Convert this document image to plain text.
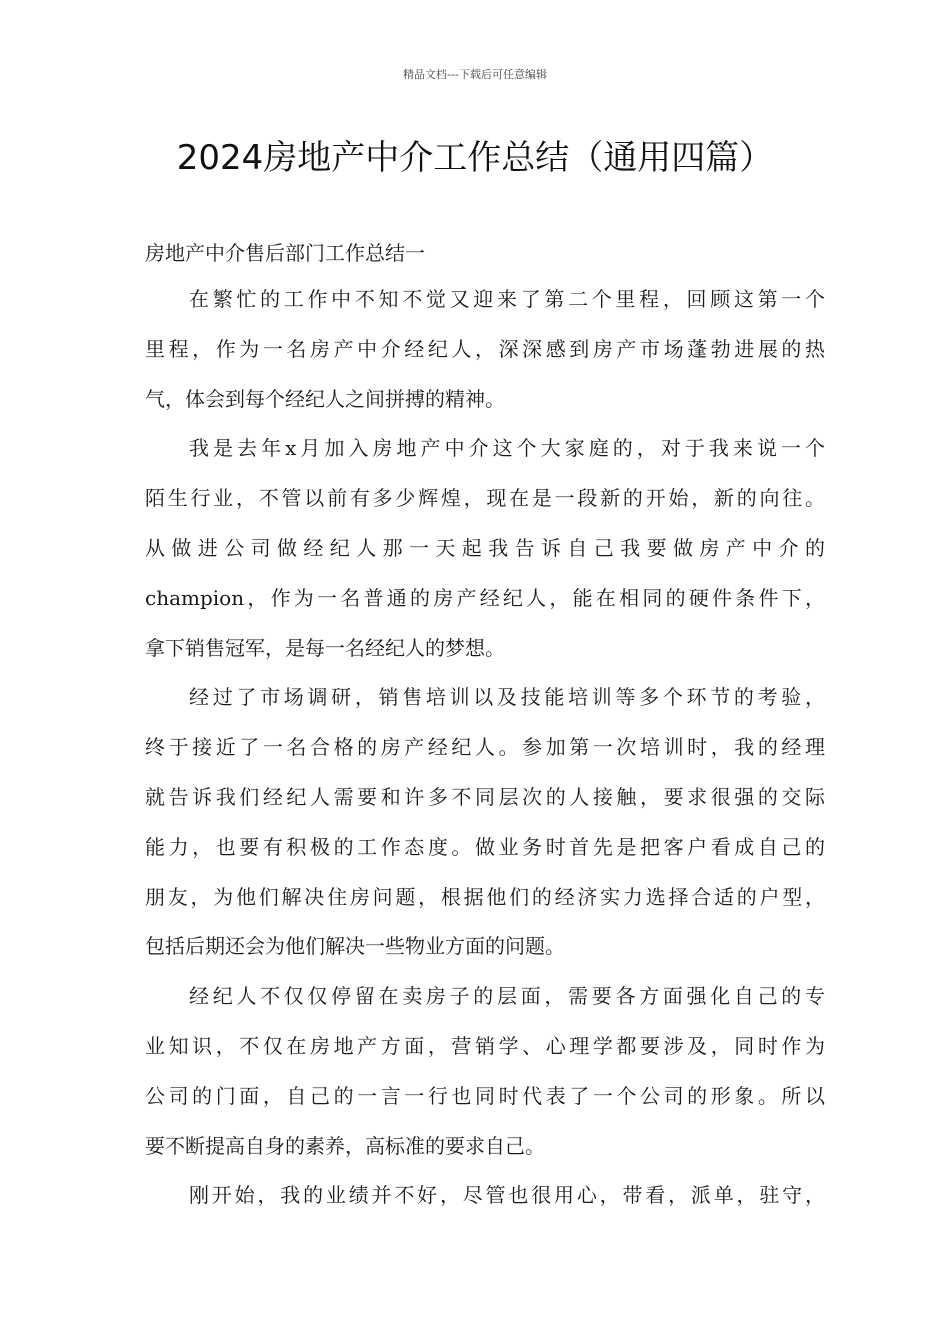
精品文档---下载后可任意编辑
2024房地产中介工作总结（通用四篇）
房地产中介售后部门工作总结一
在繁忙的工作中不知不觉又迎来了第二个里程，回顾这第一个
里程，作为一名房产中介经纪人，深深感到房产市场蓬勃进展的热
气，体会到每个经纪人之间拼搏的精神。
我是去年x月加入房地产中介这个大家庭的，对于我来说一个
陌生行业，不管以前有多少辉煌，现在是一段新的开始，新的向往。
从做进公司做经纪人那一天起我告诉自己我要做房产中介的
champion，作为一名普通的房产经纪人，能在相同的硬件条件下，
拿下销售冠军，是每一名经纪人的梦想。
经过了市场调研，销售培训以及技能培训等多个环节的考验，
终于接近了一名合格的房产经纪人。参加第一次培训时，我的经理
就告诉我们经纪人需要和许多不同层次的人接触，要求很强的交际
能力，也要有积极的工作态度。做业务时首先是把客户看成自己的
朋友，为他们解决住房问题，根据他们的经济实力选择合适的户型，
包括后期还会为他们解决一些物业方面的问题。
经纪人不仅仅停留在卖房子的层面，需要各方面强化自己的专
业知识，不仅在房地产方面，营销学、心理学都要涉及，同时作为
公司的门面，自己的一言一行也同时代表了一个公司的形象。所以
要不断提高自身的素养，高标准的要求自己。
刚开始，我的业绩并不好，尽管也很用心，带看，派单，驻守，
